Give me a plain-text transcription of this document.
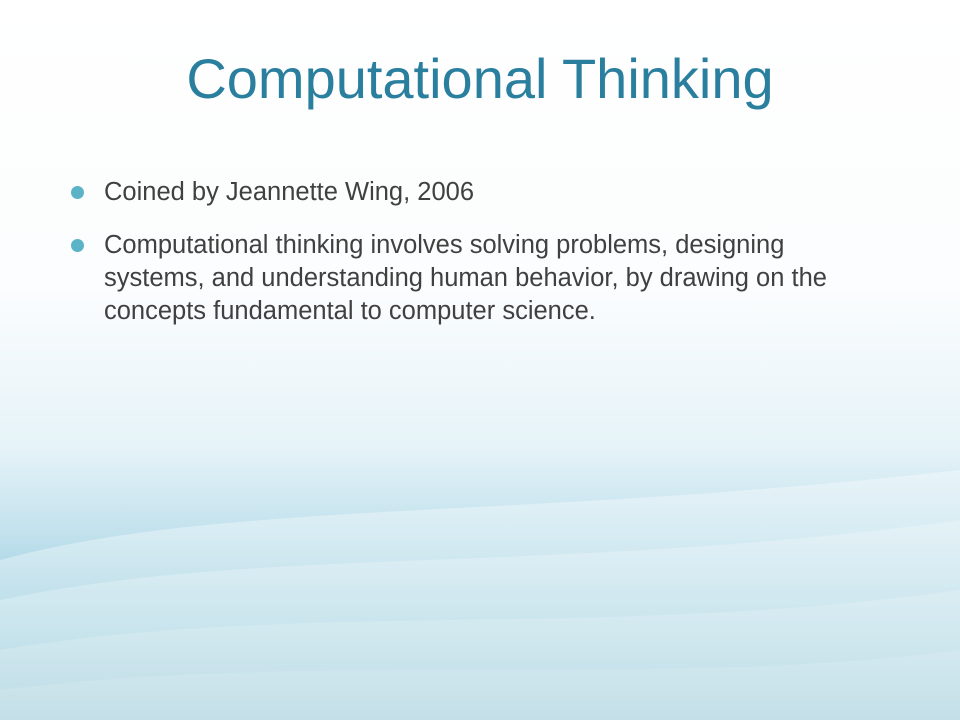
Computational Thinking
Coined by Jeannette Wing, 2006
Computational thinking involves solving problems, designing systems, and understanding human behavior, by drawing on the concepts fundamental to computer science.
